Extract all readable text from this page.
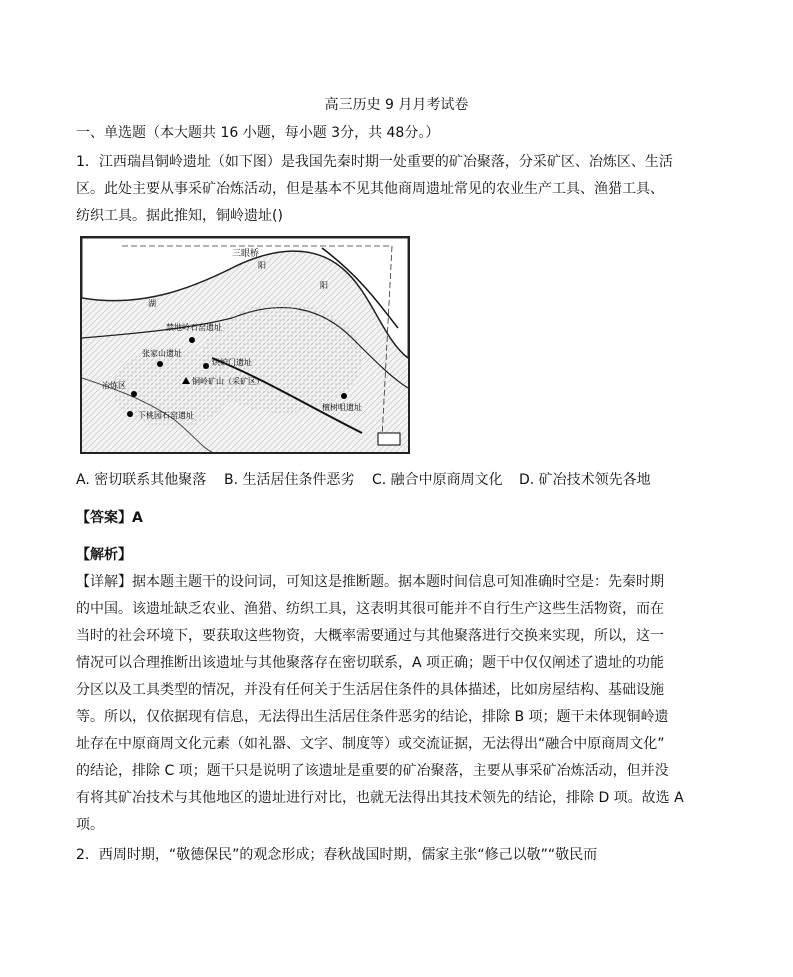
高三历史 9 月月考试卷
一、单选题（本大题共 16 小题，每小题 3分，共 48分。）
1．江西瑞昌铜岭遗址（如下图）是我国先秦时期一处重要的矿冶聚落，分采矿区、冶炼区、生活
区。此处主要从事采矿冶炼活动，但是基本不见其他商周遗址常见的农业生产工具、渔猎工具、
纺织工具。据此推知，铜岭遗址()
三眼桥
禁地岭石窑遗址
张家山遗址
烘炉门遗址
铜岭矿山（采矿区）
冶炼区
下桃园石窑遗址
檀树咀遗址
阳
湖
阳
A. 密切联系其他聚落 B. 生活居住条件恶劣 C. 融合中原商周文化 D. 矿冶技术领先各地
【答案】A
【解析】
【详解】据本题主题干的设问词，可知这是推断题。据本题时间信息可知准确时空是：先秦时期
的中国。该遗址缺乏农业、渔猎、纺织工具，这表明其很可能并不自行生产这些生活物资，而在
当时的社会环境下，要获取这些物资，大概率需要通过与其他聚落进行交换来实现，所以，这一
情况可以合理推断出该遗址与其他聚落存在密切联系，A 项正确；题干中仅仅阐述了遗址的功能
分区以及工具类型的情况，并没有任何关于生活居住条件的具体描述，比如房屋结构、基础设施
等。所以，仅依据现有信息，无法得出生活居住条件恶劣的结论，排除 B 项；题干未体现铜岭遗
址存在中原商周文化元素（如礼器、文字、制度等）或交流证据，无法得出“融合中原商周文化”
的结论，排除 C 项；题干只是说明了该遗址是重要的矿冶聚落，主要从事采矿冶炼活动，但并没
有将其矿冶技术与其他地区的遗址进行对比，也就无法得出其技术领先的结论，排除 D 项。故选 A
项。
2．西周时期，“敬德保民”的观念形成；春秋战国时期，儒家主张“修己以敬”“敬民而
